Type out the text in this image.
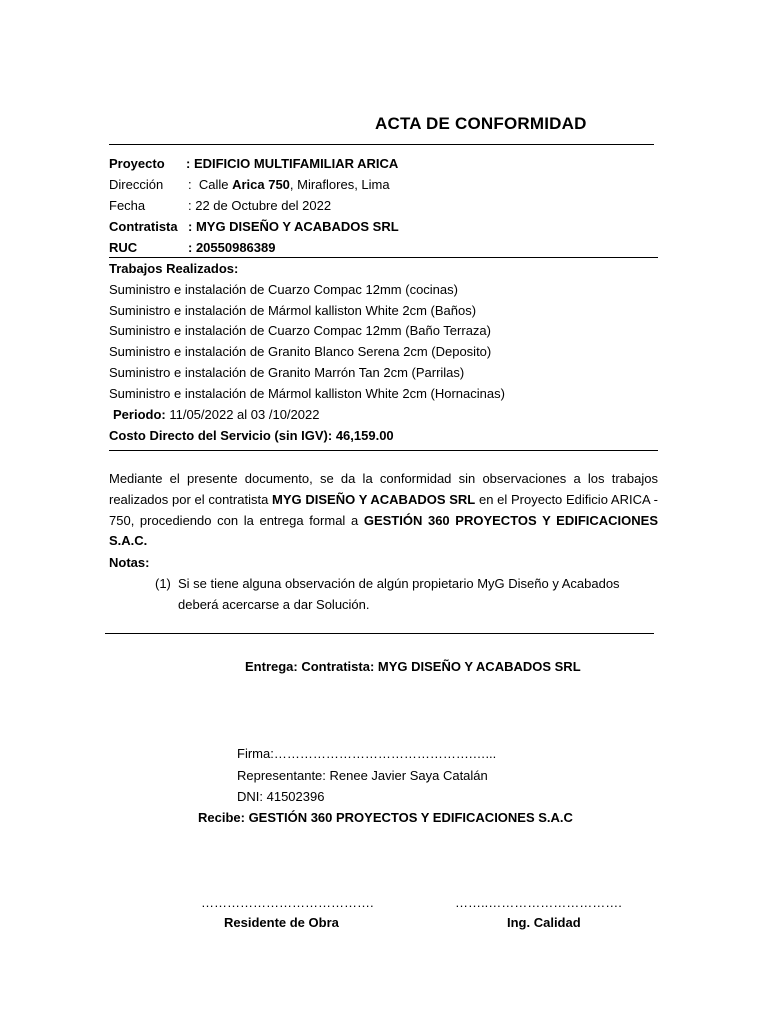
ACTA DE CONFORMIDAD
Proyecto : EDIFICIO MULTIFAMILIAR ARICA
Dirección :  Calle Arica 750, Miraflores, Lima
Fecha	: 22 de Octubre del 2022
Contratista : MYG DISEÑO Y ACABADOS SRL
RUC	: 20550986389
Trabajos Realizados:
Suministro e instalación de Cuarzo Compac 12mm (cocinas)
Suministro e instalación de Mármol kalliston White 2cm (Baños)
Suministro e instalación de Cuarzo Compac 12mm (Baño Terraza)
Suministro e instalación de Granito Blanco Serena 2cm (Deposito)
Suministro e instalación de Granito Marrón Tan 2cm (Parrilas)
Suministro e instalación de Mármol kalliston White 2cm (Hornacinas)
Periodo: 11/05/2022 al 03 /10/2022
Costo Directo del Servicio (sin IGV): 46,159.00
Mediante el presente documento, se da la conformidad sin observaciones a los trabajos
realizados por el contratista MYG DISEÑO Y ACABADOS SRL en el Proyecto Edificio ARICA -
750, procediendo con la entrega formal a GESTIÓN 360 PROYECTOS Y EDIFICACIONES
S.A.C.
Notas:
(1) Si se tiene alguna observación de algún propietario MyG Diseño y Acabados
deberá acercarse a dar Solución.
Entrega: Contratista: MYG DISEÑO Y ACABADOS SRL
Firma:……………………………………….…...
Representante: Renee Javier Saya Catalán
DNI: 41502396
Recibe: GESTIÓN 360 PROYECTOS Y EDIFICACIONES S.A.C
………………………………….	……..………………………….
Residente de Obra	Ing. Calidad
